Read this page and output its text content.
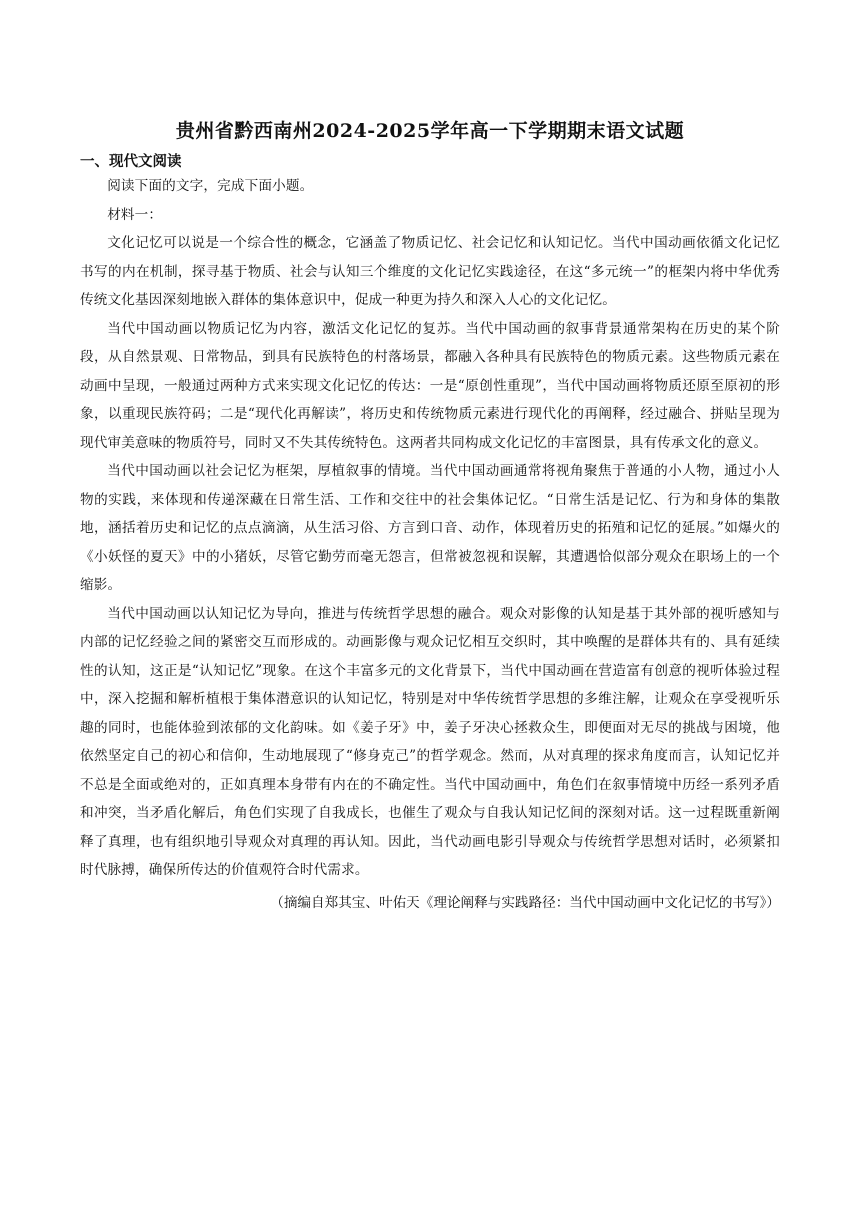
贵州省黔西南州2024-2025学年高一下学期期末语文试题
一、现代文阅读

阅读下面的文字，完成下面小题。

材料一：

文化记忆可以说是一个综合性的概念，它涵盖了物质记忆、社会记忆和认知记忆。当代中国动画依循文化记忆书写的内在机制，探寻基于物质、社会与认知三个维度的文化记忆实践途径，在这“多元统一”的框架内将中华优秀传统文化基因深刻地嵌入群体的集体意识中，促成一种更为持久和深入人心的文化记忆。

当代中国动画以物质记忆为内容，激活文化记忆的复苏。当代中国动画的叙事背景通常架构在历史的某个阶段，从自然景观、日常物品，到具有民族特色的村落场景，都融入各种具有民族特色的物质元素。这些物质元素在动画中呈现，一般通过两种方式来实现文化记忆的传达：一是“原创性重现”，当代中国动画将物质还原至原初的形象，以重现民族符码；二是“现代化再解读”，将历史和传统物质元素进行现代化的再阐释，经过融合、拼贴呈现为现代审美意味的物质符号，同时又不失其传统特色。这两者共同构成文化记忆的丰富图景，具有传承文化的意义。

当代中国动画以社会记忆为框架，厚植叙事的情境。当代中国动画通常将视角聚焦于普通的小人物，通过小人物的实践，来体现和传递深藏在日常生活、工作和交往中的社会集体记忆。“日常生活是记忆、行为和身体的集散地，涵括着历史和记忆的点点滴滴，从生活习俗、方言到口音、动作，体现着历史的拓殖和记忆的延展。”如爆火的《小妖怪的夏天》中的小猪妖，尽管它勤劳而毫无怨言，但常被忽视和误解，其遭遇恰似部分观众在职场上的一个缩影。

当代中国动画以认知记忆为导向，推进与传统哲学思想的融合。观众对影像的认知是基于其外部的视听感知与内部的记忆经验之间的紧密交互而形成的。动画影像与观众记忆相互交织时，其中唤醒的是群体共有的、具有延续性的认知，这正是“认知记忆”现象。在这个丰富多元的文化背景下，当代中国动画在营造富有创意的视听体验过程中，深入挖掘和解析植根于集体潜意识的认知记忆，特别是对中华传统哲学思想的多维注解，让观众在享受视听乐趣的同时，也能体验到浓郁的文化韵味。如《姜子牙》中，姜子牙决心拯救众生，即便面对无尽的挑战与困境，他依然坚定自己的初心和信仰，生动地展现了“修身克己”的哲学观念。然而，从对真理的探求角度而言，认知记忆并不总是全面或绝对的，正如真理本身带有内在的不确定性。当代中国动画中，角色们在叙事情境中历经一系列矛盾和冲突，当矛盾化解后，角色们实现了自我成长，也催生了观众与自我认知记忆间的深刻对话。这一过程既重新阐释了真理，也有组织地引导观众对真理的再认知。因此，当代动画电影引导观众与传统哲学思想对话时，必须紧扣时代脉搏，确保所传达的价值观符合时代需求。

（摘编自郑其宝、叶佑天《理论阐释与实践路径：当代中国动画中文化记忆的书写》）
